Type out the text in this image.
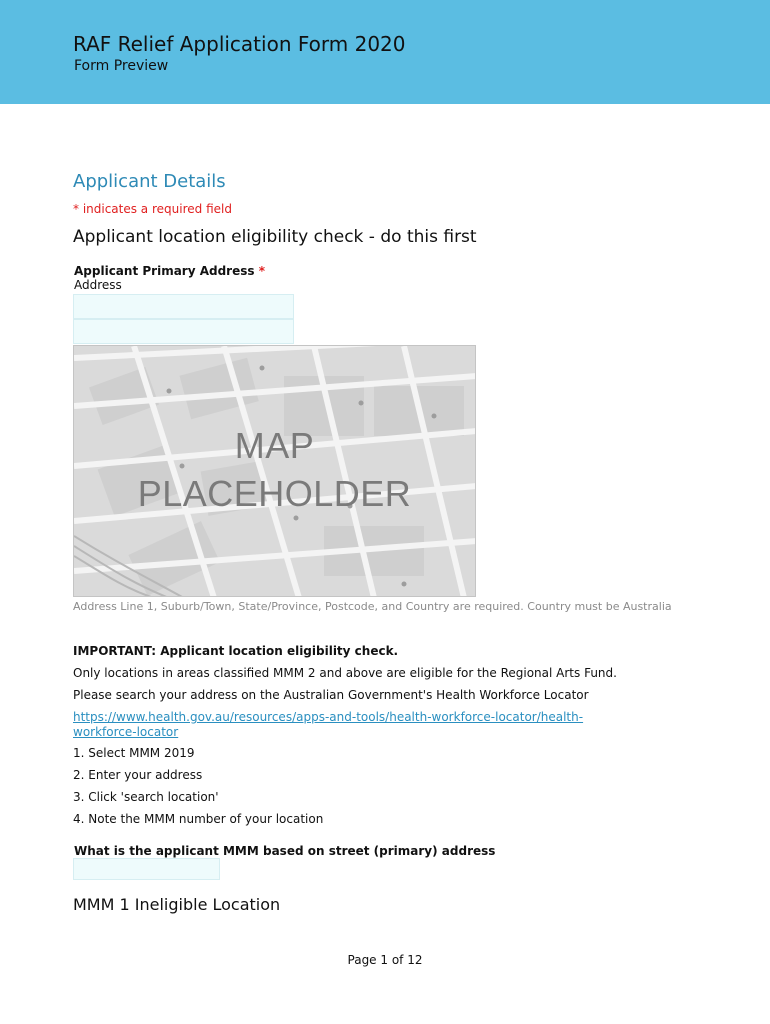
RAF Relief Application Form 2020
Form Preview
Applicant Details
* indicates a required field
Applicant location eligibility check - do this first
Applicant Primary Address *
Address
MAP
PLACEHOLDER
Address Line 1, Suburb/Town, State/Province, Postcode, and Country are required. Country must be Australia
IMPORTANT: Applicant location eligibility check.
Only locations in areas classified MMM 2 and above are eligible for the Regional Arts Fund.
Please search your address on the Australian Government's Health Workforce Locator
https://www.health.gov.au/resources/apps-and-tools/health-workforce-locator/health-workforce-locator
1. Select MMM 2019
2. Enter your address
3. Click 'search location'
4. Note the MMM number of your location
What is the applicant MMM based on street (primary) address
MMM 1 Ineligible Location
Page 1 of 12
